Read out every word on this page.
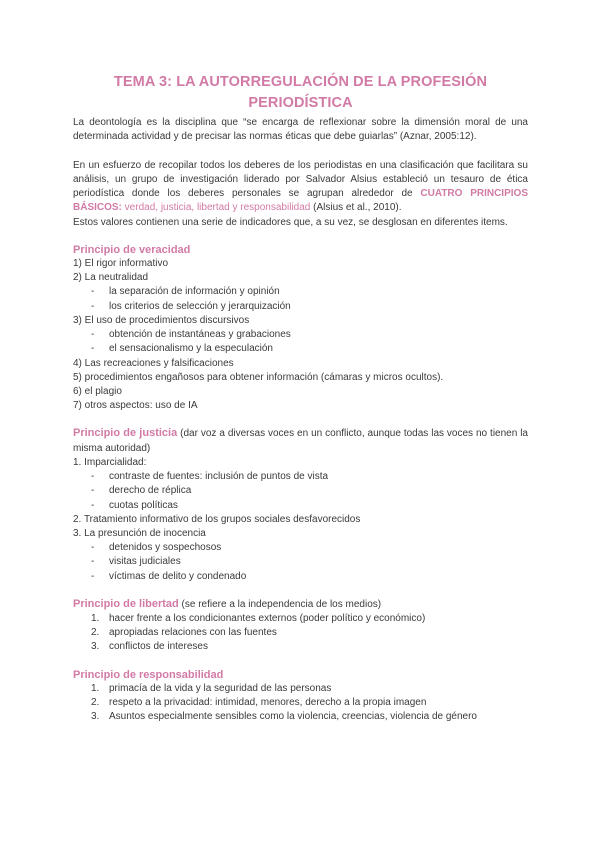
TEMA 3: LA AUTORREGULACIÓN DE LA PROFESIÓN PERIODÍSTICA

La deontología es la disciplina que “se encarga de reflexionar sobre la dimensión moral de una determinada actividad y de precisar las normas éticas que debe guiarlas” (Aznar, 2005:12).

En un esfuerzo de recopilar todos los deberes de los periodistas en una clasificación que facilitara su análisis, un grupo de investigación liderado por Salvador Alsius estableció un tesauro de ética periodística donde los deberes personales se agrupan alrededor de CUATRO PRINCIPIOS BÁSICOS: verdad, justicia, libertad y responsabilidad (Alsius et al., 2010).

Estos valores contienen una serie de indicadores que, a su vez, se desglosan en diferentes items.

Principio de veracidad

1) El rigor informativo

2) La neutralidad

- la separación de información y opinión

- los criterios de selección y jerarquización

3) El uso de procedimientos discursivos

- obtención de instantáneas y grabaciones

- el sensacionalismo y la especulación

4) Las recreaciones y falsificaciones

5) procedimientos engañosos para obtener información (cámaras y micros ocultos).

6) el plagio

7) otros aspectos: uso de IA

Principio de justicia (dar voz a diversas voces en un conflicto, aunque todas las voces no tienen la misma autoridad)

1. Imparcialidad:

- contraste de fuentes: inclusión de puntos de vista

- derecho de réplica

- cuotas políticas

2. Tratamiento informativo de los grupos sociales desfavorecidos

3. La presunción de inocencia

- detenidos y sospechosos

- visitas judiciales

- víctimas de delito y condenado

Principio de libertad (se refiere a la independencia de los medios)

1. hacer frente a los condicionantes externos (poder político y económico)

2. apropiadas relaciones con las fuentes

3. conflictos de intereses

Principio de responsabilidad

1. primacía de la vida y la seguridad de las personas

2. respeto a la privacidad: intimidad, menores, derecho a la propia imagen

3. Asuntos especialmente sensibles como la violencia, creencias, violencia de género
